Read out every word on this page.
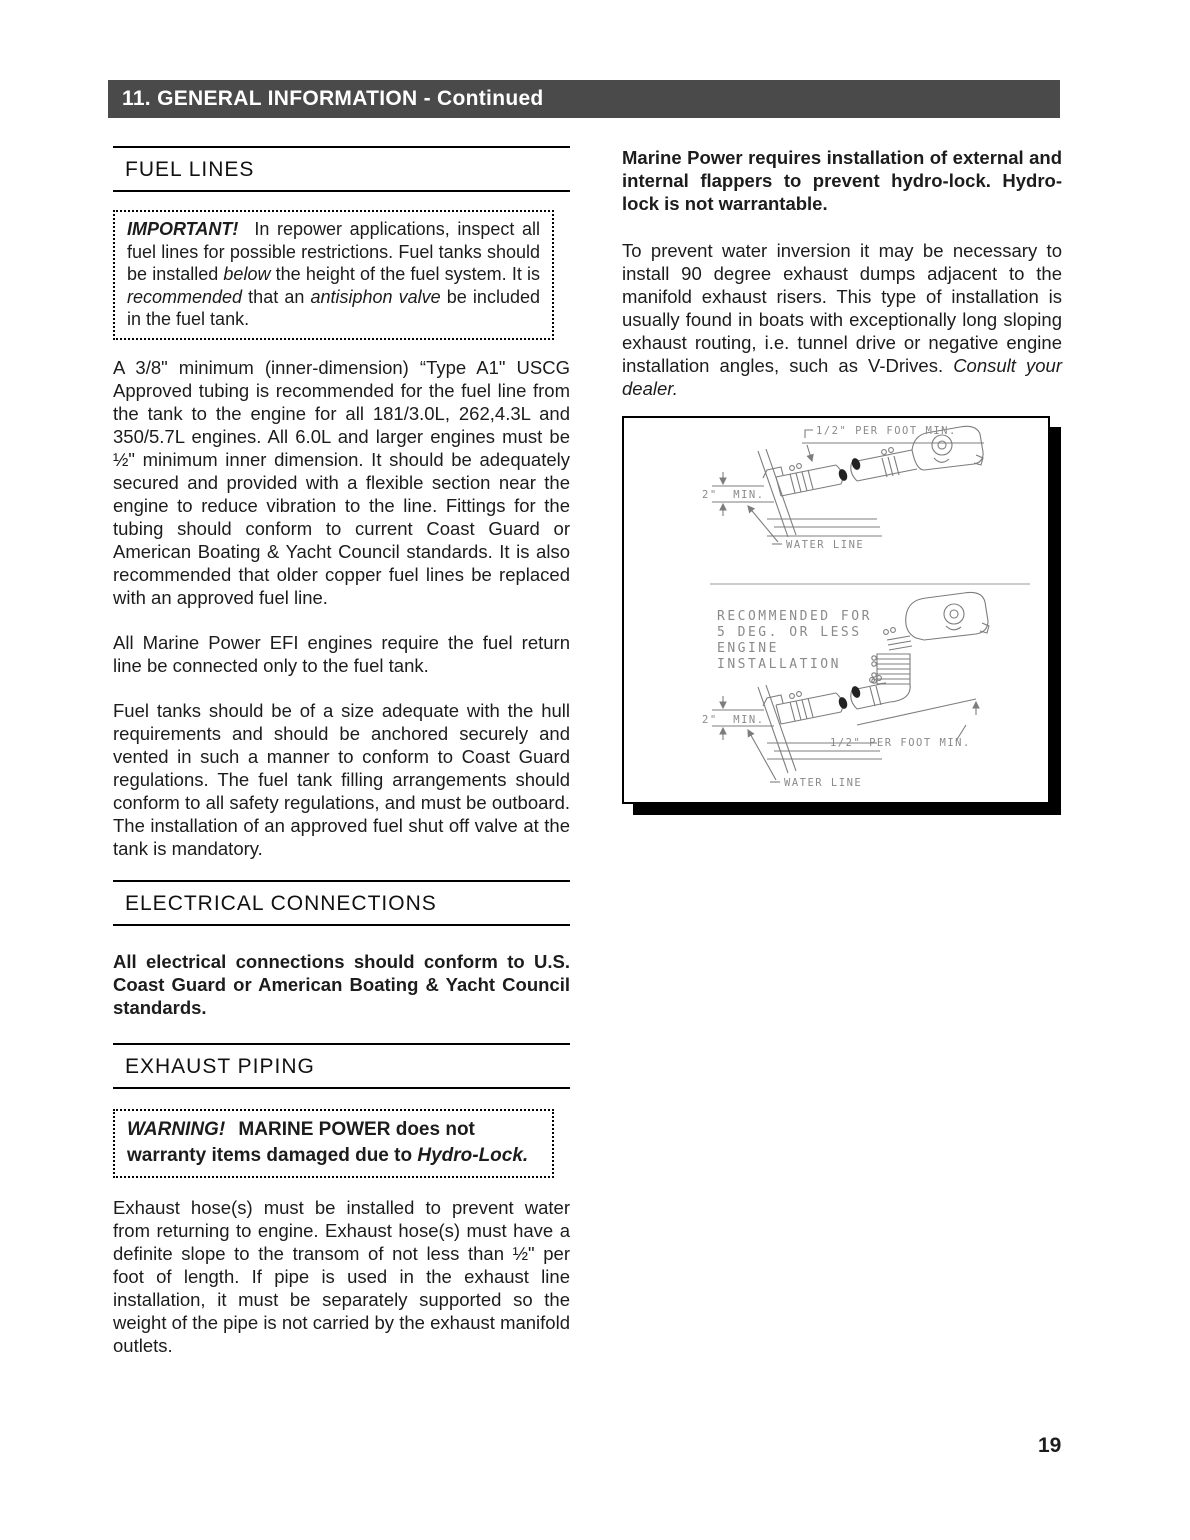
11. GENERAL INFORMATION - Continued
FUEL LINES
IMPORTANT! In repower applications, inspect all fuel lines for possible restrictions. Fuel tanks should be installed below the height of the fuel system. It is recommended that an antisiphon valve be included in the fuel tank.

A 3/8" minimum (inner-dimension) “Type A1" USCG Approved tubing is recommended for the fuel line from the tank to the engine for all 181/3.0L, 262,4.3L and 350/5.7L engines. All 6.0L and larger engines must be ½" minimum inner dimension. It should be adequately secured and provided with a flexible section near the engine to reduce vibration to the line. Fittings for the tubing should conform to current Coast Guard or American Boating & Yacht Council standards. It is also recommended that older copper fuel lines be replaced with an approved fuel line.

All Marine Power EFI engines require the fuel return line be connected only to the fuel tank.

Fuel tanks should be of a size adequate with the hull requirements and should be anchored securely and vented in such a manner to conform to Coast Guard regulations. The fuel tank filling arrangements should conform to all safety regulations, and must be outboard. The installation of an approved fuel shut off valve at the tank is mandatory.

ELECTRICAL CONNECTIONS

All electrical connections should conform to U.S. Coast Guard or American Boating & Yacht Council standards.

EXHAUST PIPING
WARNING! MARINE POWER does not warranty items damaged due to Hydro-Lock.

Exhaust hose(s) must be installed to prevent water from returning to engine. Exhaust hose(s) must have a definite slope to the transom of not less than ½" per foot of length. If pipe is used in the exhaust line installation, it must be separately supported so the weight of the pipe is not carried by the exhaust manifold outlets.

Marine Power requires installation of external and internal flappers to prevent hydro-lock. Hydro-lock is not warrantable.

To prevent water inversion it may be necessary to install 90 degree exhaust dumps adjacent to the manifold exhaust risers. This type of installation is usually found in boats with exceptionally long sloping exhaust routing, i.e. tunnel drive or negative engine installation angles, such as V-Drives. Consult your dealer.

1/2" PER FOOT MIN.
2"  MIN.
WATER LINE
RECOMMENDED FOR
5 DEG. OR LESS
ENGINE
INSTALLATION
2"  MIN.
1/2" PER FOOT MIN.
WATER LINE
19
